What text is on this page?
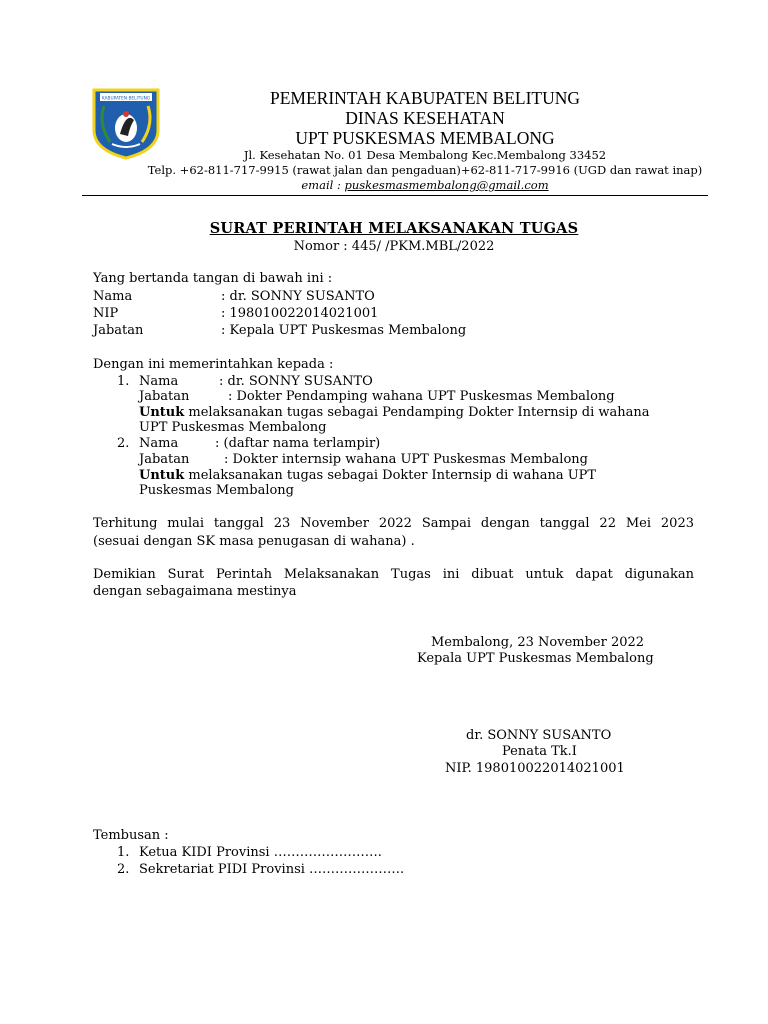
KABUPATEN BELITUNG	PEMERINTAH KABUPATEN BELITUNG
DINAS KESEHATAN
UPT PUSKESMAS MEMBALONG
Jl. Kesehatan No. 01 Desa Membalong Kec.Membalong 33452
Telp. +62-811-717-9915 (rawat jalan dan pengaduan)+62-811-717-9916 (UGD dan rawat inap)
email : puskesmasmembalong@gmail.com
SURAT PERINTAH MELAKSANAKAN TUGAS
Nomor : 445/ /PKM.MBL/2022
Yang bertanda tangan di bawah ini :
Nama	: dr. SONNY SUSANTO
NIP	: 198010022014021001
Jabatan	: Kepala UPT Puskesmas Membalong
Dengan ini memerintahkan kepada :
1. Nama	: dr. SONNY SUSANTO
Jabatan	: Dokter Pendamping wahana UPT Puskesmas Membalong
Untuk melaksanakan tugas sebagai Pendamping Dokter Internsip di wahana
UPT Puskesmas Membalong
2. Nama	: (daftar nama terlampir)
Jabatan	: Dokter internsip wahana UPT Puskesmas Membalong
Untuk melaksanakan tugas sebagai Dokter Internsip di wahana UPT
Puskesmas Membalong
Terhitung mulai tanggal 23 November 2022 Sampai dengan tanggal 22 Mei 2023
(sesuai dengan SK masa penugasan di wahana) .
Demikian Surat Perintah Melaksanakan Tugas ini dibuat untuk dapat digunakan
dengan sebagaimana mestinya
Membalong, 23 November 2022
Kepala UPT Puskesmas Membalong
dr. SONNY SUSANTO
Penata Tk.I
NIP. 198010022014021001
Tembusan :
1. Ketua KIDI Provinsi …………………….
2. Sekretariat PIDI Provinsi ………………….
